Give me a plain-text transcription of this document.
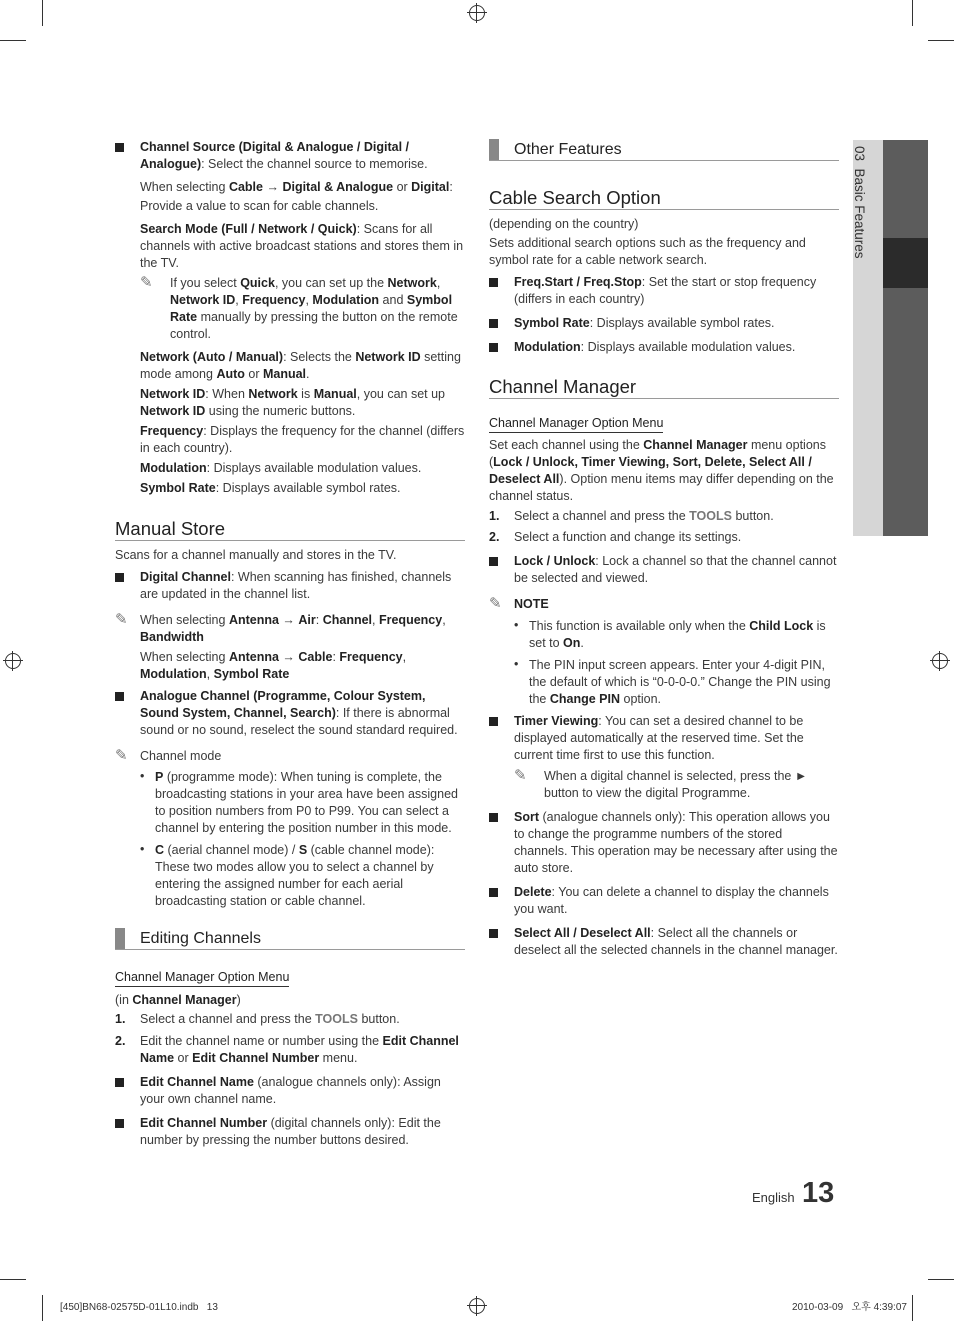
03  Basic Features
Channel Source (Digital & Analogue / Digital / Analogue): Select the channel source to memorise.
When selecting Cable → Digital & Analogue or Digital:
Provide a value to scan for cable channels.
Search Mode (Full / Network / Quick): Scans for all channels with active broadcast stations and stores them in the TV.
✎ If you select Quick, you can set up the Network, Network ID, Frequency, Modulation and Symbol Rate manually by pressing the button on the remote control.
Network (Auto / Manual): Selects the Network ID setting mode among Auto or Manual.
Network ID: When Network is Manual, you can set up Network ID using the numeric buttons.
Frequency: Displays the frequency for the channel (differs in each country).
Modulation: Displays available modulation values.
Symbol Rate: Displays available symbol rates.
Manual Store
Scans for a channel manually and stores in the TV.
Digital Channel: When scanning has finished, channels are updated in the channel list.
✎ When selecting Antenna → Air: Channel, Frequency, Bandwidth
When selecting Antenna → Cable: Frequency, Modulation, Symbol Rate
Analogue Channel (Programme, Colour System, Sound System, Channel, Search): If there is abnormal sound or no sound, reselect the sound standard required.
✎ Channel mode
• P (programme mode): When tuning is complete, the broadcasting stations in your area have been assigned to position numbers from P0 to P99. You can select a channel by entering the position number in this mode.
• C (aerial channel mode) / S (cable channel mode): These two modes allow you to select a channel by entering the assigned number for each aerial broadcasting station or cable channel.
Editing Channels
Channel Manager Option Menu
(in Channel Manager)
1. Select a channel and press the TOOLS button.
2. Edit the channel name or number using the Edit Channel Name or Edit Channel Number menu.
Edit Channel Name (analogue channels only): Assign your own channel name.
Edit Channel Number (digital channels only): Edit the number by pressing the number buttons desired.
Other Features
Cable Search Option
(depending on the country)
Sets additional search options such as the frequency and symbol rate for a cable network search.
Freq.Start / Freq.Stop: Set the start or stop frequency (differs in each country)
Symbol Rate: Displays available symbol rates.
Modulation: Displays available modulation values.
Channel Manager
Channel Manager Option Menu
Set each channel using the Channel Manager menu options (Lock / Unlock, Timer Viewing, Sort, Delete, Select All / Deselect All). Option menu items may differ depending on the channel status.
1. Select a channel and press the TOOLS button.
2. Select a function and change its settings.
Lock / Unlock: Lock a channel so that the channel cannot be selected and viewed.
✎ NOTE
• This function is available only when the Child Lock is set to On.
• The PIN input screen appears. Enter your 4-digit PIN, the default of which is “0-0-0-0.” Change the PIN using the Change PIN option.
Timer Viewing: You can set a desired channel to be displayed automatically at the reserved time. Set the current time first to use this function.
✎ When a digital channel is selected, press the ► button to view the digital Programme.
Sort (analogue channels only): This operation allows you to change the programme numbers of the stored channels. This operation may be necessary after using the auto store.
Delete: You can delete a channel to display the channels you want.
Select All / Deselect All: Select all the channels or deselect all the selected channels in the channel manager.
English 13
[450]BN68-02575D-01L10.indb   13	2010-03-09   오후 4:39:07
